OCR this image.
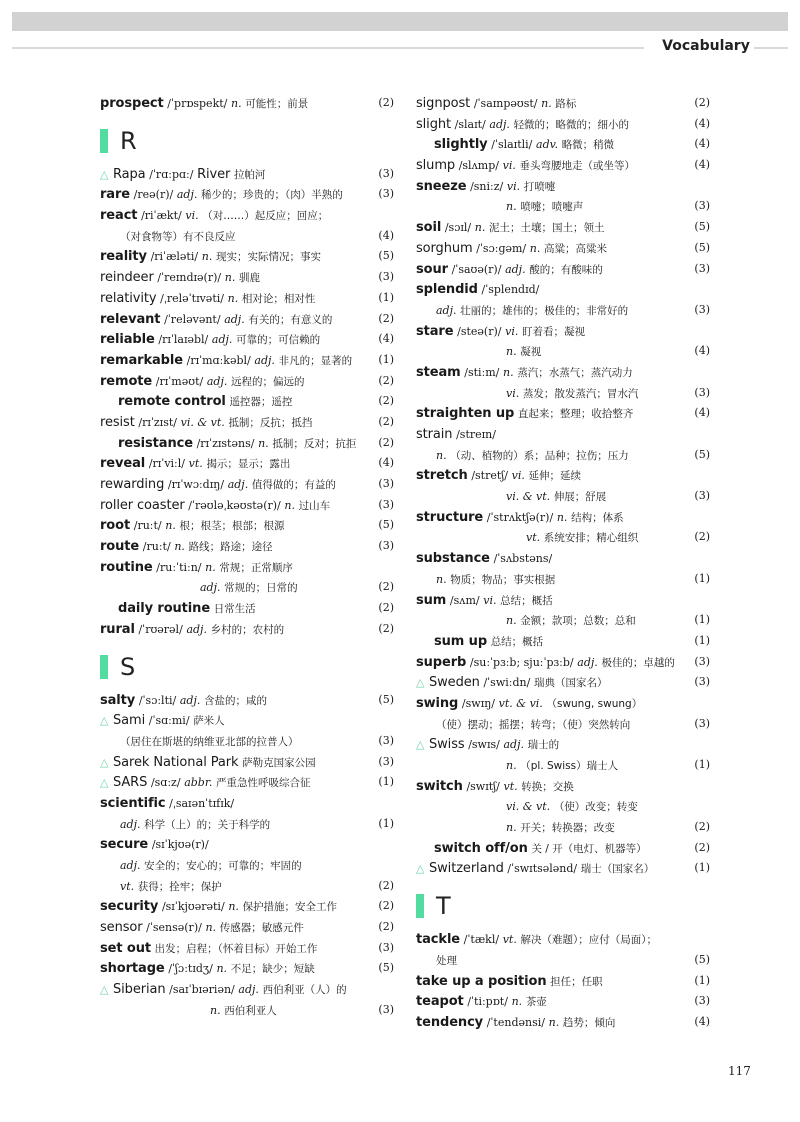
Vocabulary
prospect /ˈprɒspekt/ n. 可能性；前景	(2)
R
△ Rapa /ˈrɑːpɑː/ River 拉帕河	(3)
rare /reə(r)/ adj. 稀少的；珍贵的；（肉）半熟的	(3)
react /riˈækt/ vi. （对……）起反应；回应；
（对食物等）有不良反应	(4)
reality /riˈæləti/ n. 现实；实际情况；事实	(5)
reindeer /ˈreɪndɪə(r)/ n. 驯鹿	(3)
relativity /ˌreləˈtɪvəti/ n. 相对论；相对性	(1)
relevant /ˈreləvənt/ adj. 有关的；有意义的	(2)
reliable /rɪˈlaɪəbl/ adj. 可靠的；可信赖的	(4)
remarkable /rɪˈmɑːkəbl/ adj. 非凡的；显著的 (1)
remote /rɪˈməʊt/ adj. 远程的；偏远的	(2)
remote control 遥控器；遥控	(2)
resist /rɪˈzɪst/ vi. & vt. 抵制；反抗；抵挡	(2)
resistance /rɪˈzɪstəns/ n. 抵制；反对；抗拒 (2)
reveal /rɪˈviːl/ vt. 揭示；显示；露出	(4)
rewarding /rɪˈwɔːdɪŋ/ adj. 值得做的；有益的	(3)
roller coaster /ˈrəʊləˌkəʊstə(r)/ n. 过山车	(3)
root /ruːt/ n. 根；根茎；根部；根源	(5)
route /ruːt/ n. 路线；路途；途径	(3)
routine /ruːˈtiːn/ n. 常规；正常顺序
adj. 常规的；日常的	(2)
daily routine 日常生活	(2)
rural /ˈrʊərəl/ adj. 乡村的；农村的	(2)
S
salty /ˈsɔːlti/ adj. 含盐的；咸的	(5)
△ Sami /ˈsɑːmi/ 萨米人
（居住在斯堪的纳维亚北部的拉普人）	(3)
△ Sarek National Park 萨勒克国家公园	(3)
△ SARS /sɑːz/ abbr. 严重急性呼吸综合征	(1)
scientific /ˌsaɪənˈtɪfɪk/
adj. 科学（上）的；关于科学的	(1)
secure /sɪˈkjʊə(r)/
adj. 安全的；安心的；可靠的；牢固的
vt. 获得；拴牢；保护	(2)
security /sɪˈkjʊərəti/ n. 保护措施；安全工作	(2)
sensor /ˈsensə(r)/ n. 传感器；敏感元件	(2)
set out 出发；启程；（怀着目标）开始工作	(3)
shortage /ˈʃɔːtɪdʒ/ n. 不足；缺少；短缺	(5)
△ Siberian /saɪˈbɪəriən/ adj. 西伯利亚（人）的
n. 西伯利亚人	(3)
signpost /ˈsaɪnpəʊst/ n. 路标	(2)
slight /slaɪt/ adj. 轻微的；略微的；细小的	(4)
slightly /ˈslaɪtli/ adv. 略微；稍微	(4)
slump /slʌmp/ vi. 垂头弯腰地走（或坐等）	(4)
sneeze /sniːz/ vi. 打喷嚏
n. 喷嚏；喷嚏声	(3)
soil /sɔɪl/ n. 泥土；土壤；国土；领土	(5)
sorghum /ˈsɔːɡəm/ n. 高粱；高粱米	(5)
sour /ˈsaʊə(r)/ adj. 酸的；有酸味的	(3)
splendid /ˈsplendɪd/
adj. 壮丽的；雄伟的；极佳的；非常好的	(3)
stare /steə(r)/ vi. 盯着看；凝视
n. 凝视	(4)
steam /stiːm/ n. 蒸汽；水蒸气；蒸汽动力
vi. 蒸发；散发蒸汽；冒水汽	(3)
straighten up 直起来；整理；收拾整齐	(4)
strain /streɪn/
n. （动、植物的）系；品种；拉伤；压力	(5)
stretch /stretʃ/ vi. 延伸；延续
vi. & vt. 伸展；舒展	(3)
structure /ˈstrʌktʃə(r)/ n. 结构；体系
vt. 系统安排；精心组织	(2)
substance /ˈsʌbstəns/
n. 物质；物品；事实根据	(1)
sum /sʌm/ vi. 总结；概括
n. 金额；款项；总数；总和	(1)
sum up 总结；概括	(1)
superb /suːˈpɜːb; sjuːˈpɜːb/ adj. 极佳的；卓越的 (3)
△ Sweden /ˈswiːdn/ 瑞典（国家名）	(3)
swing /swɪŋ/ vt. & vi. （swung, swung）
（使）摆动；摇摆；转弯；（使）突然转向	(3)
△ Swiss /swɪs/ adj. 瑞士的
n. （pl. Swiss）瑞士人	(1)
switch /swɪtʃ/ vt. 转换；交换
vi. & vt. （使）改变；转变
n. 开关；转换器；改变	(2)
switch off/on 关 / 开（电灯、机器等）	(2)
△ Switzerland /ˈswɪtsələnd/ 瑞士（国家名）	(1)
T
tackle /ˈtækl/ vt. 解决（难题）；应付（局面）；
处理	(5)
take up a position 担任；任职	(1)
teapot /ˈtiːpɒt/ n. 茶壶	(3)
tendency /ˈtendənsi/ n. 趋势；倾向	(4)
117
